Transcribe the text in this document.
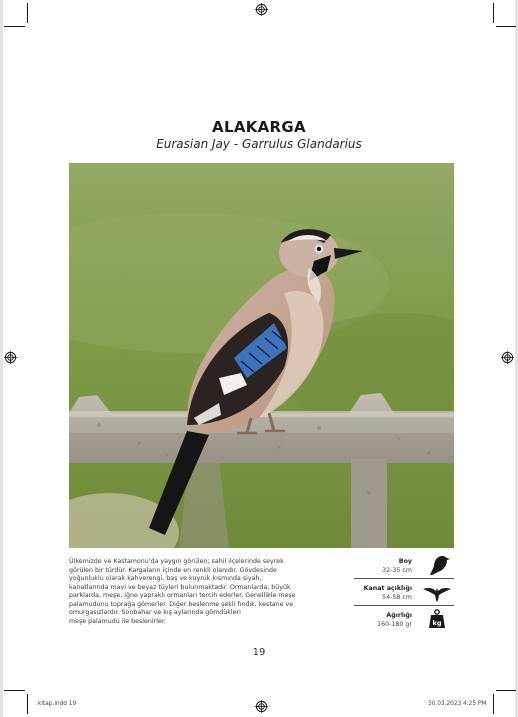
ALAKARGA
Eurasian Jay - Garrulus Glandarius

Ülkemizde ve Kastamonu'da yaygın görülen; sahil ilçelerinde seyrek

görülen bir türdür. Kargaların içinde en renkli olanıdır. Gövdesinde

yoğunluklu olarak kahverengi, baş ve kuyruk kısmında siyah,

kanatlarında mavi ve beyaz tüyleri bulunmaktadır. Ormanlarda, büyük

parklarda, meşe, iğne yapraklı ormanları tercih ederler. Genellikle meşe

palamudunu toprağa gömerler. Diğer beslenme şekli fındık, kestane ve

omurgasızlardır. Sonbahar ve kış aylarında gömdükleri

meşe palamudu ile beslenirler.

Boy
32-35 cm
Kanat açıklığı
54-58 cm
Ağırlığı
160-180 gr	kg
19
kitap.indd 19	30.03.2023 4:25 PM
